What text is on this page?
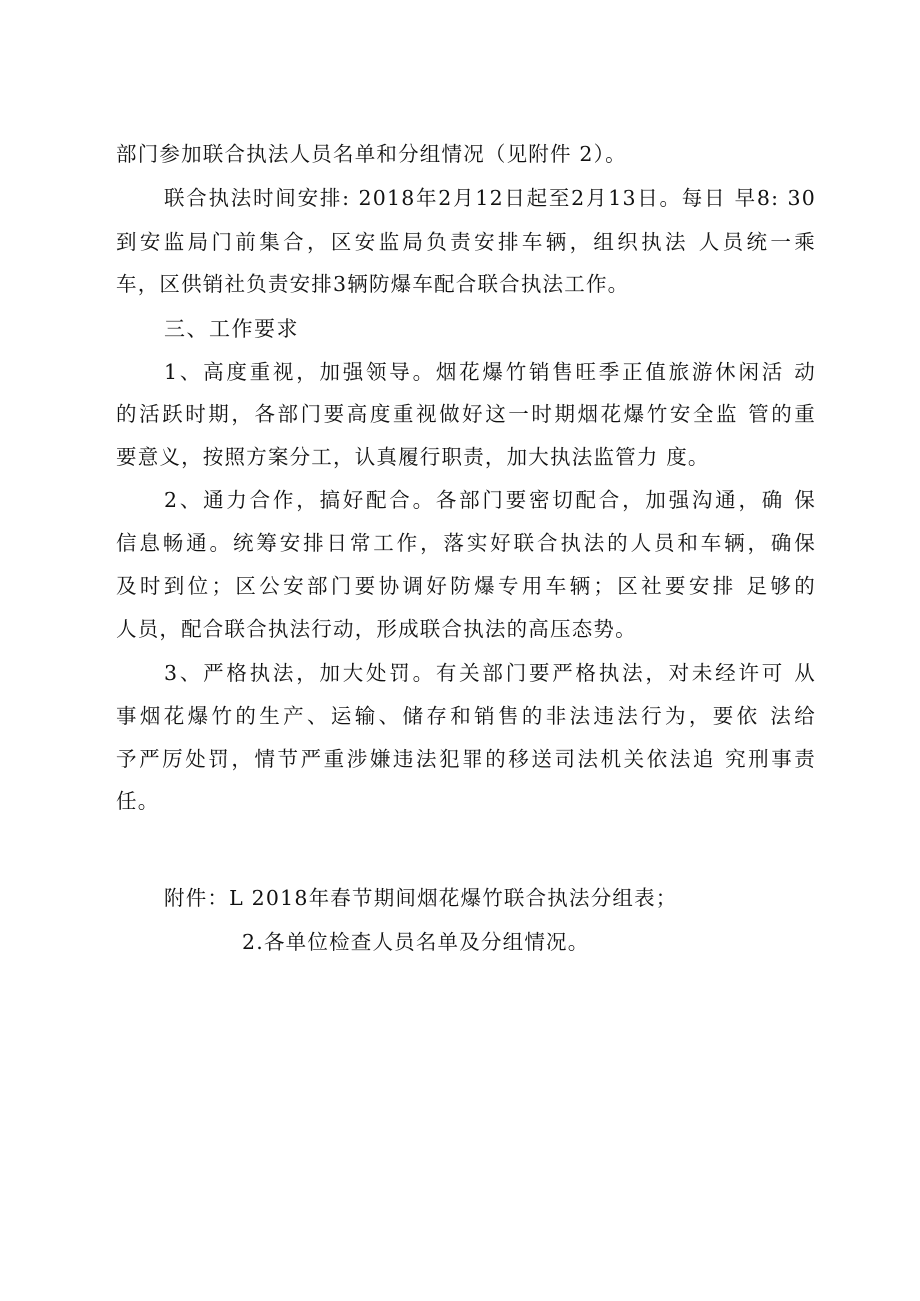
部门参加联合执法人员名单和分组情况（见附件 2）。
联合执法时间安排: 2018年2月12日起至2月13日。每日 早8: 30
到安监局门前集合，区安监局负责安排车辆，组织执法 人员统一乘
车，区供销社负责安排3辆防爆车配合联合执法工作。
三、工作要求
1、高度重视，加强领导。烟花爆竹销售旺季正值旅游休闲活 动
的活跃时期，各部门要高度重视做好这一时期烟花爆竹安全监 管的重
要意义，按照方案分工，认真履行职责，加大执法监管力 度。
2、通力合作，搞好配合。各部门要密切配合，加强沟通，确 保
信息畅通。统筹安排日常工作，落实好联合执法的人员和车辆，确保
及时到位；区公安部门要协调好防爆专用车辆；区社要安排 足够的
人员，配合联合执法行动，形成联合执法的高压态势。
3、严格执法，加大处罚。有关部门要严格执法，对未经许可 从
事烟花爆竹的生产、运输、储存和销售的非法违法行为，要依 法给
予严厉处罚，情节严重涉嫌违法犯罪的移送司法机关依法追 究刑事责
任。
附件：L 2018年春节期间烟花爆竹联合执法分组表；
2.各单位检查人员名单及分组情况。
